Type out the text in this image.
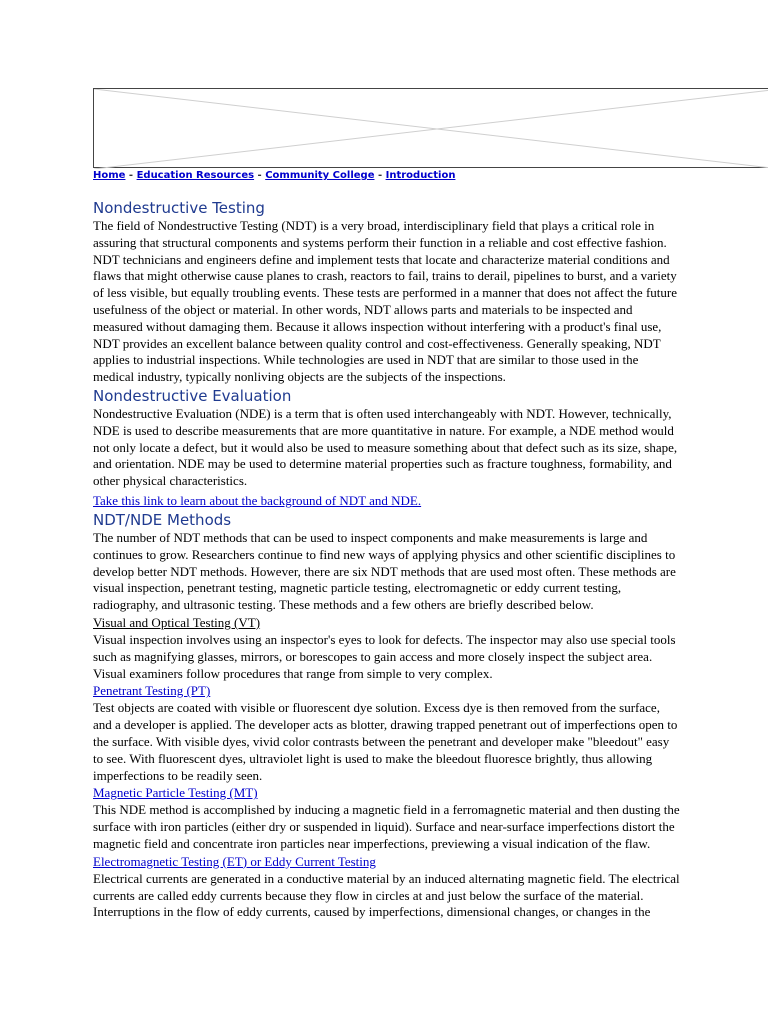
Home - Education Resources - Community College - Introduction
Nondestructive Testing

The field of Nondestructive Testing (NDT) is a very broad, interdisciplinary field that plays a critical role in

assuring that structural components and systems perform their function in a reliable and cost effective fashion.

NDT technicians and engineers define and implement tests that locate and characterize material conditions and

flaws that might otherwise cause planes to crash, reactors to fail, trains to derail, pipelines to burst, and a variety

of less visible, but equally troubling events. These tests are performed in a manner that does not affect the future

usefulness of the object or material. In other words, NDT allows parts and materials to be inspected and

measured without damaging them. Because it allows inspection without interfering with a product's final use,

NDT provides an excellent balance between quality control and cost-effectiveness. Generally speaking, NDT

applies to industrial inspections. While technologies are used in NDT that are similar to those used in the

medical industry, typically nonliving objects are the subjects of the inspections.

Nondestructive Evaluation

Nondestructive Evaluation (NDE) is a term that is often used interchangeably with NDT. However, technically,

NDE is used to describe measurements that are more quantitative in nature. For example, a NDE method would

not only locate a defect, but it would also be used to measure something about that defect such as its size, shape,

and orientation. NDE may be used to determine material properties such as fracture toughness, formability, and

other physical characteristics.

Take this link to learn about the background of NDT and NDE.
NDT/NDE Methods

The number of NDT methods that can be used to inspect components and make measurements is large and

continues to grow. Researchers continue to find new ways of applying physics and other scientific disciplines to

develop better NDT methods. However, there are six NDT methods that are used most often. These methods are

visual inspection, penetrant testing, magnetic particle testing, electromagnetic or eddy current testing,

radiography, and ultrasonic testing. These methods and a few others are briefly described below.

Visual and Optical Testing (VT)

Visual inspection involves using an inspector's eyes to look for defects. The inspector may also use special tools

such as magnifying glasses, mirrors, or borescopes to gain access and more closely inspect the subject area.

Visual examiners follow procedures that range from simple to very complex.

Penetrant Testing (PT)

Test objects are coated with visible or fluorescent dye solution. Excess dye is then removed from the surface,

and a developer is applied. The developer acts as blotter, drawing trapped penetrant out of imperfections open to

the surface. With visible dyes, vivid color contrasts between the penetrant and developer make "bleedout" easy

to see. With fluorescent dyes, ultraviolet light is used to make the bleedout fluoresce brightly, thus allowing

imperfections to be readily seen.

Magnetic Particle Testing (MT)

This NDE method is accomplished by inducing a magnetic field in a ferromagnetic material and then dusting the

surface with iron particles (either dry or suspended in liquid). Surface and near-surface imperfections distort the

magnetic field and concentrate iron particles near imperfections, previewing a visual indication of the flaw.

Electromagnetic Testing (ET) or Eddy Current Testing

Electrical currents are generated in a conductive material by an induced alternating magnetic field. The electrical

currents are called eddy currents because they flow in circles at and just below the surface of the material.

Interruptions in the flow of eddy currents, caused by imperfections, dimensional changes, or changes in the
